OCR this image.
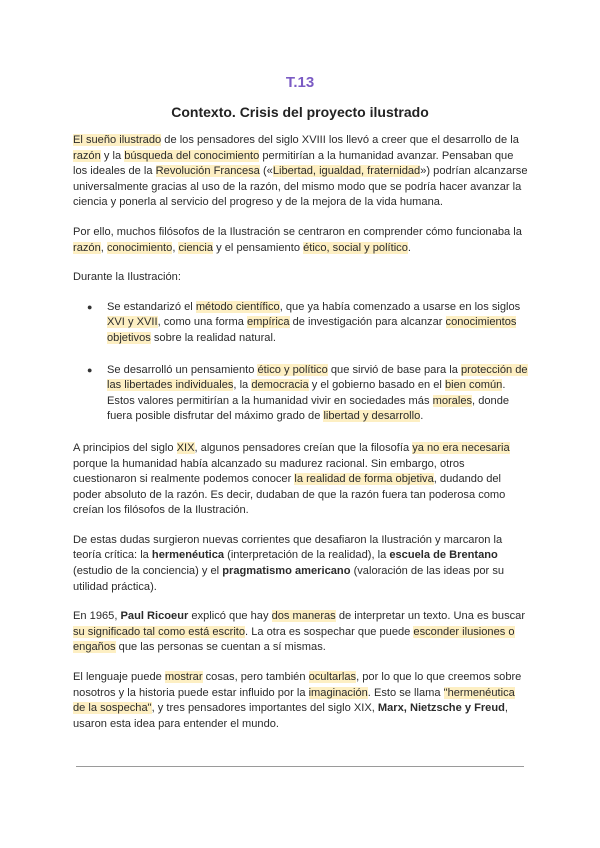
T.13
Contexto. Crisis del proyecto ilustrado

El sueño ilustrado de los pensadores del siglo XVIII los llevó a creer que el desarrollo de la razón y la búsqueda del conocimiento permitirían a la humanidad avanzar. Pensaban que los ideales de la Revolución Francesa («Libertad, igualdad, fraternidad») podrían alcanzarse universalmente gracias al uso de la razón, del mismo modo que se podría hacer avanzar la ciencia y ponerla al servicio del progreso y de la mejora de la vida humana.

Por ello, muchos filósofos de la Ilustración se centraron en comprender cómo funcionaba la razón, conocimiento, ciencia y el pensamiento ético, social y político.

Durante la Ilustración:

● Se estandarizó el método científico, que ya había comenzado a usarse en los siglos XVI y XVII, como una forma empírica de investigación para alcanzar conocimientos objetivos sobre la realidad natural.
● Se desarrolló un pensamiento ético y político que sirvió de base para la protección de las libertades individuales, la democracia y el gobierno basado en el bien común. Estos valores permitirían a la humanidad vivir en sociedades más morales, donde fuera posible disfrutar del máximo grado de libertad y desarrollo.

A principios del siglo XIX, algunos pensadores creían que la filosofía ya no era necesaria porque la humanidad había alcanzado su madurez racional. Sin embargo, otros cuestionaron si realmente podemos conocer la realidad de forma objetiva, dudando del poder absoluto de la razón. Es decir, dudaban de que la razón fuera tan poderosa como creían los filósofos de la Ilustración.

De estas dudas surgieron nuevas corrientes que desafiaron la Ilustración y marcaron la teoría crítica: la hermenéutica (interpretación de la realidad), la escuela de Brentano (estudio de la conciencia) y el pragmatismo americano (valoración de las ideas por su utilidad práctica).

En 1965, Paul Ricoeur explicó que hay dos maneras de interpretar un texto. Una es buscar su significado tal como está escrito. La otra es sospechar que puede esconder ilusiones o engaños que las personas se cuentan a sí mismas.

El lenguaje puede mostrar cosas, pero también ocultarlas, por lo que lo que creemos sobre nosotros y la historia puede estar influido por la imaginación. Esto se llama "hermenéutica de la sospecha", y tres pensadores importantes del siglo XIX, Marx, Nietzsche y Freud, usaron esta idea para entender el mundo.
